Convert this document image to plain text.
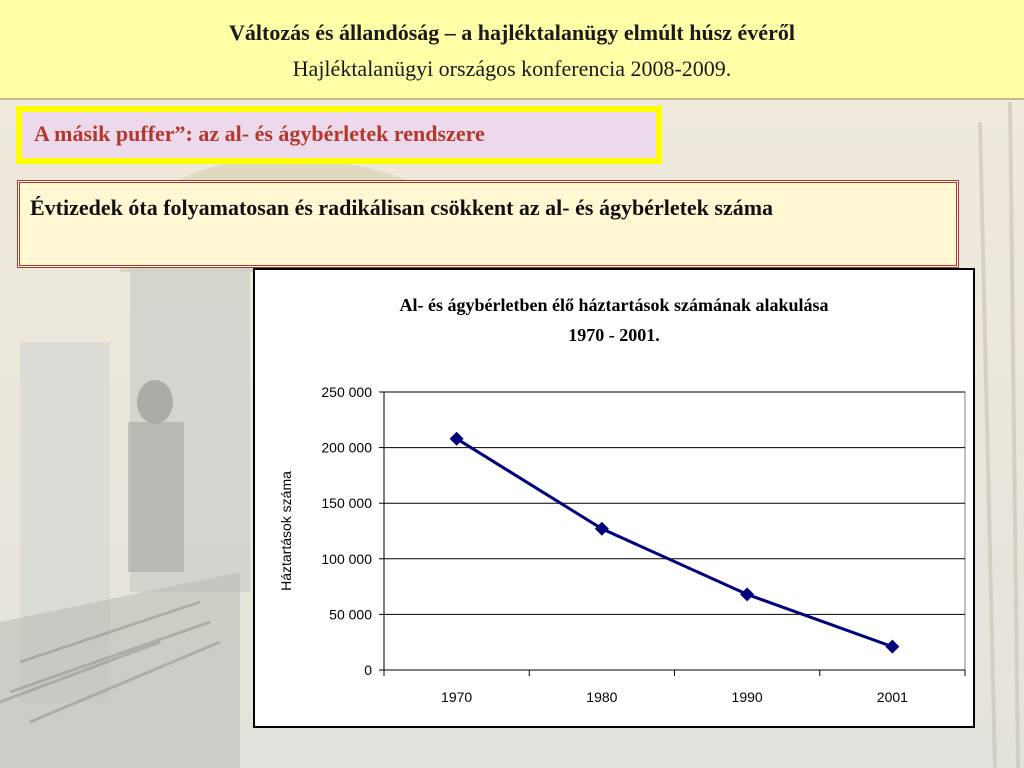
Változás és állandóság – a hajléktalanügy elmúlt húsz évéről
Hajléktalanügyi országos konferencia 2008-2009.
A másik puffer”: az al- és ágybérletek rendszere
Évtizedek óta folyamatosan és radikálisan csökkent az al- és ágybérletek száma
Al- és ágybérletben élő háztartások számának alakulása
1970 - 2001.
0
50 000
100 000
150 000
200 000
250 000
1970	1980	1990	2001
Háztartások száma
